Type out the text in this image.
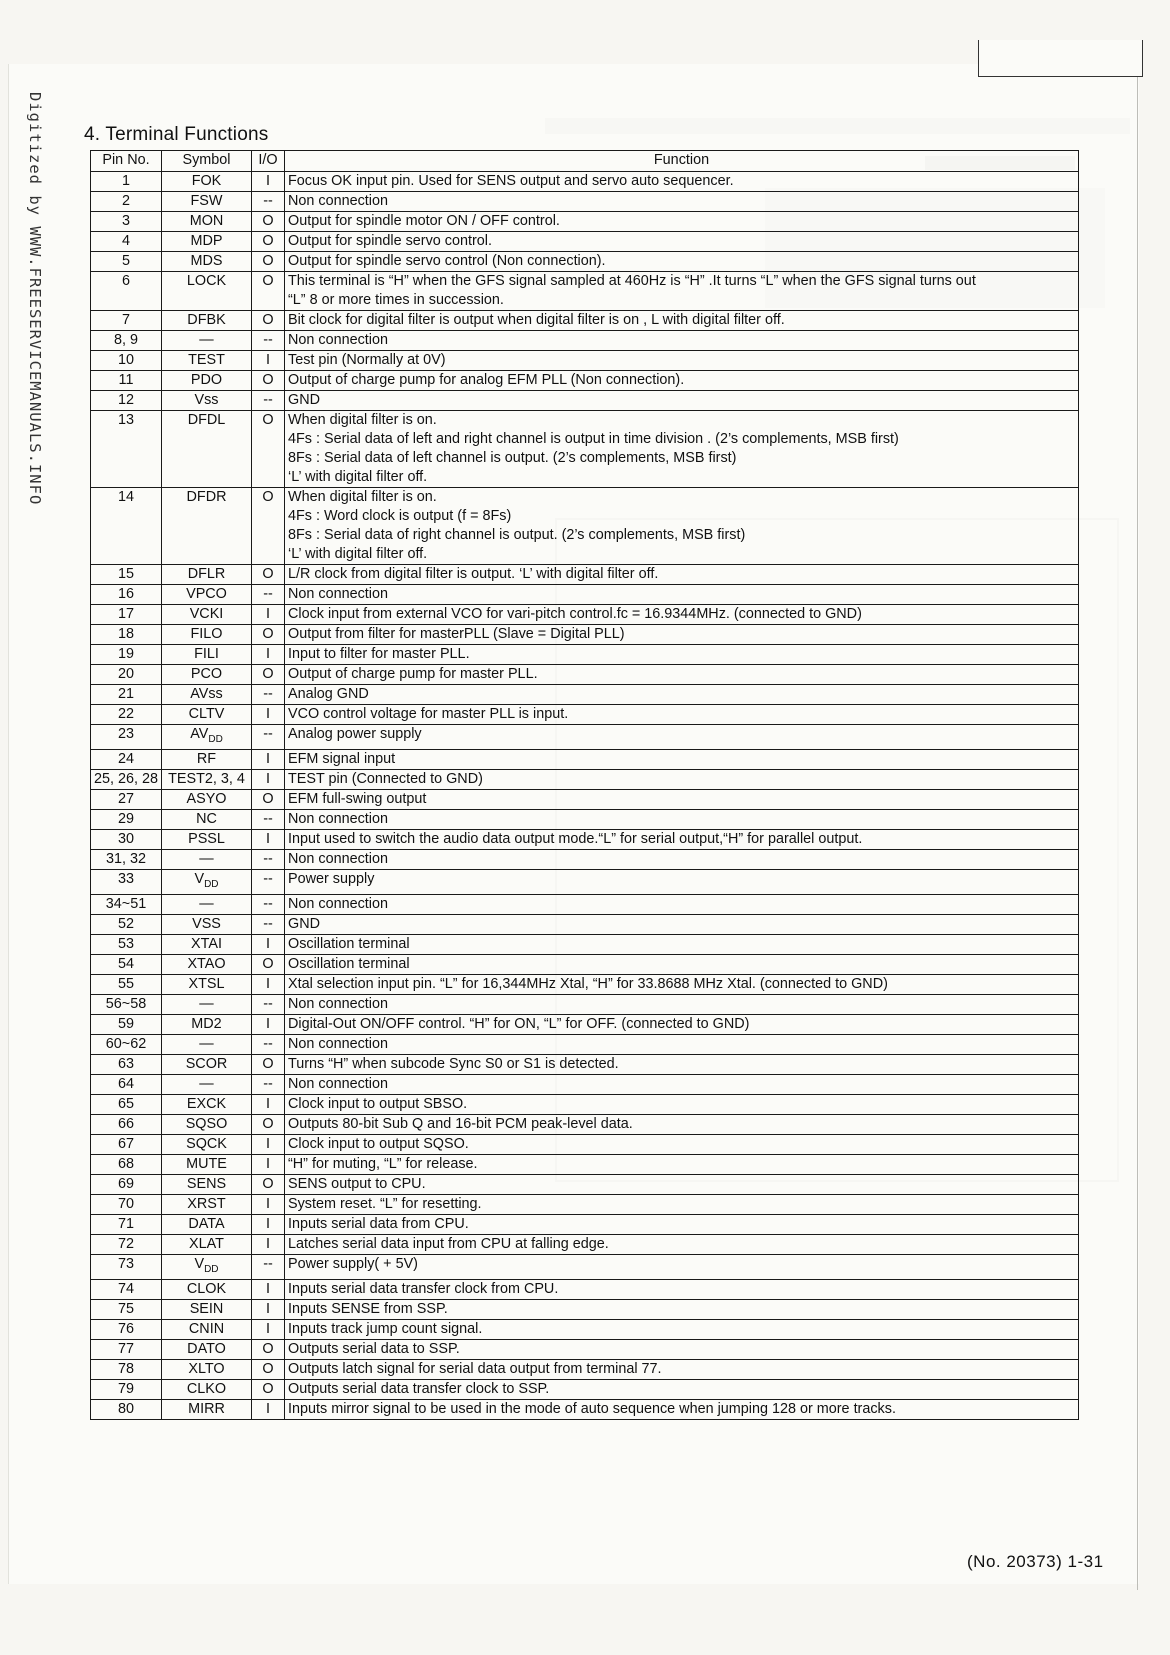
Digitized by WWW.FREESERVICEMANUALS.INFO 4. Terminal Functions
Pin No.	Symbol	I/O	Function
1	FOK	I	Focus OK input pin. Used for SENS output and servo auto sequencer.

2	FSW	--	Non connection

3	MON	O	Output for spindle motor ON / OFF control.

4	MDP	O	Output for spindle servo control.

5	MDS	O	Output for spindle servo control (Non connection).

6	LOCK	O	This terminal is “H” when the GFS signal sampled at 460Hz is “H” .It turns “L” when the GFS signal turns out
“L” 8 or more times in succession.

7	DFBK	O	Bit clock for digital filter is output when digital filter is on , L with digital filter off.

8, 9	—	--	Non connection

10	TEST	I	Test pin (Normally at 0V)

11	PDO	O	Output of charge pump for analog EFM PLL (Non connection).

12	Vss	--	GND

13	DFDL	O	When digital filter is on.
4Fs : Serial data of left and right channel is output in time division . (2’s complements, MSB first)
8Fs : Serial data of left channel is output. (2’s complements, MSB first)
‘L’ with digital filter off.

14	DFDR	O	When digital filter is on.
4Fs : Word clock is output (f = 8Fs)
8Fs : Serial data of right channel is output. (2’s complements, MSB first)
‘L’ with digital filter off.

15	DFLR	O	L/R clock from digital filter is output. ‘L’ with digital filter off.

16	VPCO	--	Non connection

17	VCKI	I	Clock input from external VCO for vari-pitch control.fc = 16.9344MHz. (connected to GND)

18	FILO	O	Output from filter for masterPLL (Slave = Digital PLL)

19	FILI	I	Input to filter for master PLL.

20	PCO	O	Output of charge pump for master PLL.

21	AVss	--	Analog GND

22	CLTV	I	VCO control voltage for master PLL is input.

23	$AV_{DD}$	--	Analog power supply

24	RF	I	EFM signal input

25, 26, 28	TEST2, 3, 4	I	TEST pin (Connected to GND)

27	ASYO	O	EFM full-swing output

29	NC	--	Non connection

30	PSSL	I	Input used to switch the audio data output mode.“L” for serial output,“H” for parallel output.

31, 32	—	--	Non connection

33	$V_{DD}$	--	Power supply

34~51	—	--	Non connection

52	VSS	--	GND

53	XTAI	I	Oscillation terminal

54	XTAO	O	Oscillation terminal

55	XTSL	I	Xtal selection input pin. “L” for 16,344MHz Xtal, “H” for 33.8688 MHz Xtal. (connected to GND)

56~58	—	--	Non connection

59	MD2	I	Digital-Out ON/OFF control. “H” for ON, “L” for OFF. (connected to GND)

60~62	—	--	Non connection

63	SCOR	O	Turns “H” when subcode Sync S0 or S1 is detected.

64	—	--	Non connection

65	EXCK	I	Clock input to output SBSO.

66	SQSO	O	Outputs 80-bit Sub Q and 16-bit PCM peak-level data.

67	SQCK	I	Clock input to output SQSO.

68	MUTE	I	“H” for muting, “L” for release.

69	SENS	O	SENS output to CPU.

70	XRST	I	System reset. “L” for resetting.

71	DATA	I	Inputs serial data from CPU.

72	XLAT	I	Latches serial data input from CPU at falling edge.

73	$V_{DD}$	--	Power supply( + 5V)

74	CLOK	I	Inputs serial data transfer clock from CPU.

75	SEIN	I	Inputs SENSE from SSP.

76	CNIN	I	Inputs track jump count signal.

77	DATO	O	Outputs serial data to SSP.

78	XLTO	O	Outputs latch signal for serial data output from terminal 77.

79	CLKO	O	Outputs serial data transfer clock to SSP.

80	MIRR	I	Inputs mirror signal to be used in the mode of auto sequence when jumping 128 or more tracks.
(No. 20373) 1-31
